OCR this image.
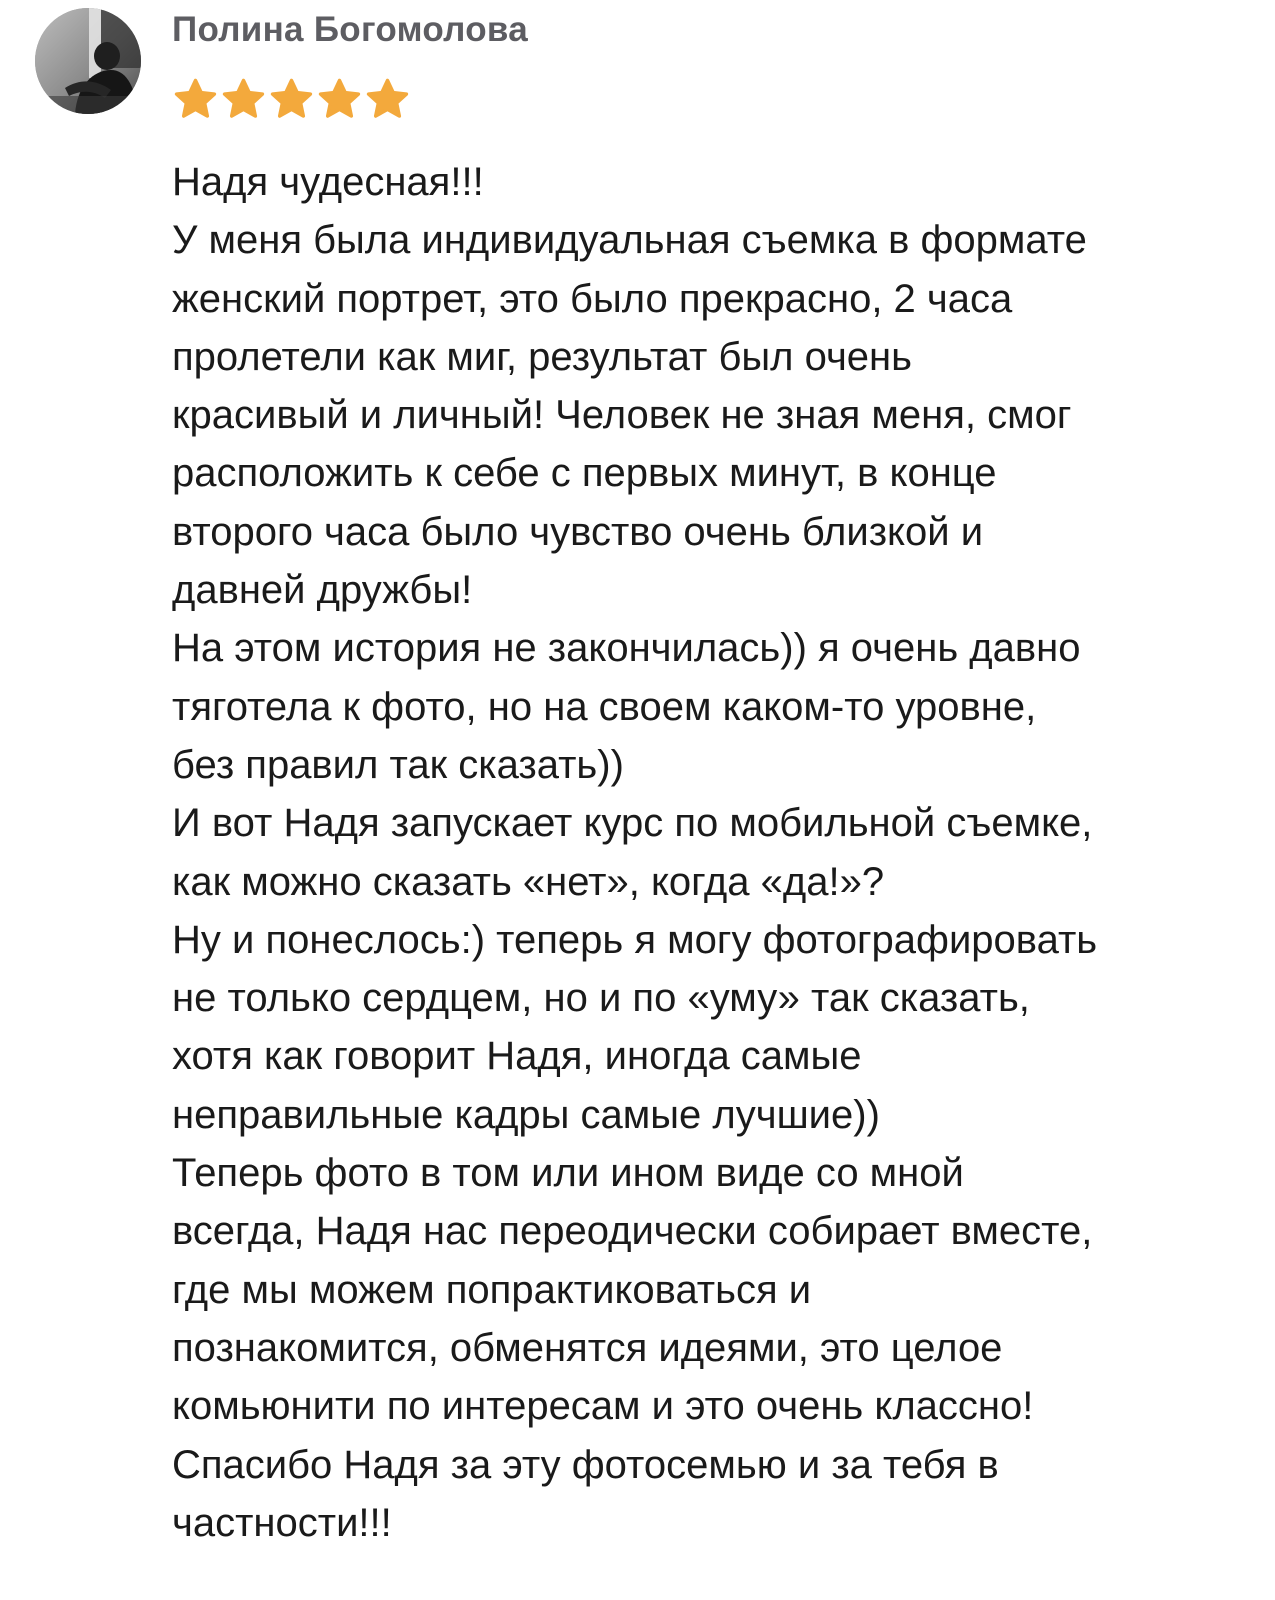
Полина Богомолова
Надя чудесная!!!
У меня была индивидуальная съемка в формате
женский портрет, это было прекрасно, 2 часа
пролетели как миг, результат был очень
красивый и личный! Человек не зная меня, смог
расположить к себе с первых минут, в конце
второго часа было чувство очень близкой и
давней дружбы!
На этом история не закончилась)) я очень давно
тяготела к фото, но на своем каком-то уровне,
без правил так сказать))
И вот Надя запускает курс по мобильной съемке,
как можно сказать «нет», когда «да!»?
Ну и понеслось:) теперь я могу фотографировать
не только сердцем, но и по «уму» так сказать,
хотя как говорит Надя, иногда самые
неправильные кадры самые лучшие))
Теперь фото в том или ином виде со мной
всегда, Надя нас переодически собирает вместе,
где мы можем попрактиковаться и
познакомится, обменятся идеями, это целое
комьюнити по интересам и это очень классно!
Спасибо Надя за эту фотосемью и за тебя в
частности!!!
